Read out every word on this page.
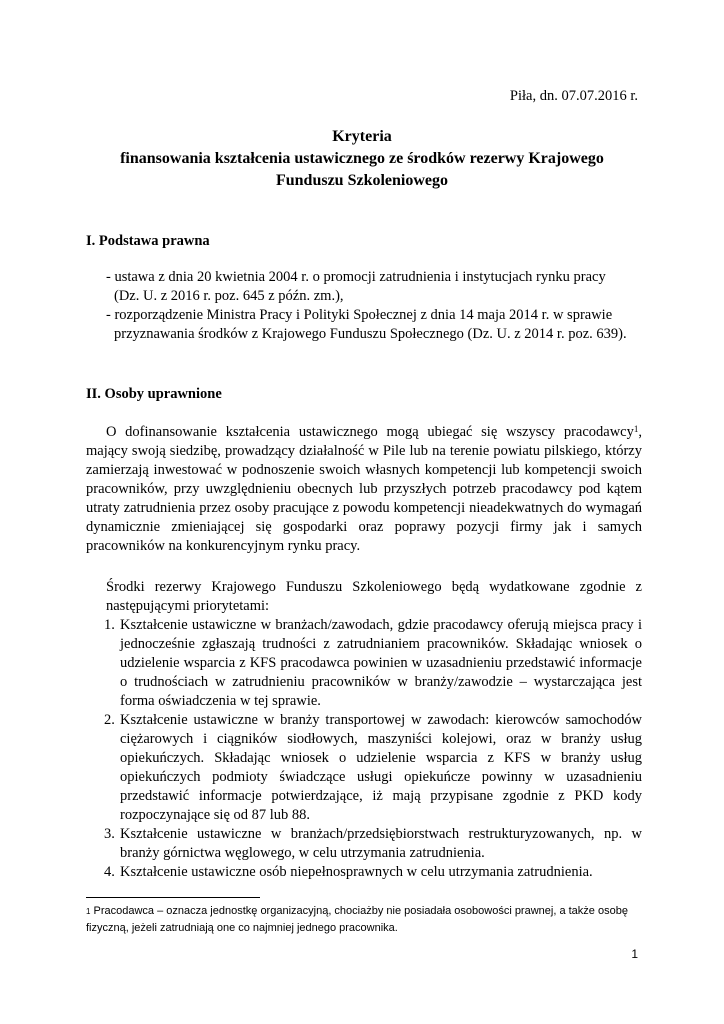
Piła, dn. 07.07.2016 r.
Kryteria
finansowania kształcenia ustawicznego ze środków rezerwy Krajowego
Funduszu Szkoleniowego
I. Podstawa prawna
- ustawa z dnia 20 kwietnia 2004 r. o promocji zatrudnienia i instytucjach rynku pracy
(Dz. U. z 2016 r. poz. 645 z późn. zm.),
- rozporządzenie Ministra Pracy i Polityki Społecznej z dnia 14 maja 2014 r. w sprawie
przyznawania środków z Krajowego Funduszu Społecznego (Dz. U. z 2014 r. poz. 639).
II. Osoby uprawnione
O dofinansowanie kształcenia ustawicznego mogą ubiegać się wszyscy pracodawcy$^1$, mający swoją siedzibę, prowadzący działalność w Pile lub na terenie powiatu pilskiego, którzy zamierzają inwestować w podnoszenie swoich własnych kompetencji lub kompetencji swoich pracowników, przy uwzględnieniu obecnych lub przyszłych potrzeb pracodawcy pod kątem utraty zatrudnienia przez osoby pracujące z powodu kompetencji nieadekwatnych do wymagań dynamicznie zmieniającej się gospodarki oraz poprawy pozycji firmy jak i samych pracowników na konkurencyjnym rynku pracy.
Środki rezerwy Krajowego Funduszu Szkoleniowego będą wydatkowane zgodnie z następującymi priorytetami:
1. Kształcenie ustawiczne w branżach/zawodach, gdzie pracodawcy oferują miejsca pracy i jednocześnie zgłaszają trudności z zatrudnianiem pracowników. Składając wniosek o udzielenie wsparcia z KFS pracodawca powinien w uzasadnieniu przedstawić informacje o trudnościach w zatrudnieniu pracowników w branży/zawodzie – wystarczająca jest forma oświadczenia w tej sprawie.
2. Kształcenie ustawiczne w branży transportowej w zawodach: kierowców samochodów ciężarowych i ciągników siodłowych, maszyniści kolejowi, oraz w branży usług opiekuńczych. Składając wniosek o udzielenie wsparcia z KFS w branży usług opiekuńczych podmioty świadczące usługi opiekuńcze powinny w uzasadnieniu przedstawić informacje potwierdzające, iż mają przypisane zgodnie z PKD kody rozpoczynające się od 87 lub 88.
3. Kształcenie ustawiczne w branżach/przedsiębiorstwach restrukturyzowanych, np. w branży górnictwa węglowego, w celu utrzymania zatrudnienia.
4. Kształcenie ustawiczne osób niepełnosprawnych w celu utrzymania zatrudnienia.
$^1$ Pracodawca – oznacza jednostkę organizacyjną, chociażby nie posiadała osobowości prawnej, a także osobę fizyczną, jeżeli zatrudniają one co najmniej jednego pracownika.
1
